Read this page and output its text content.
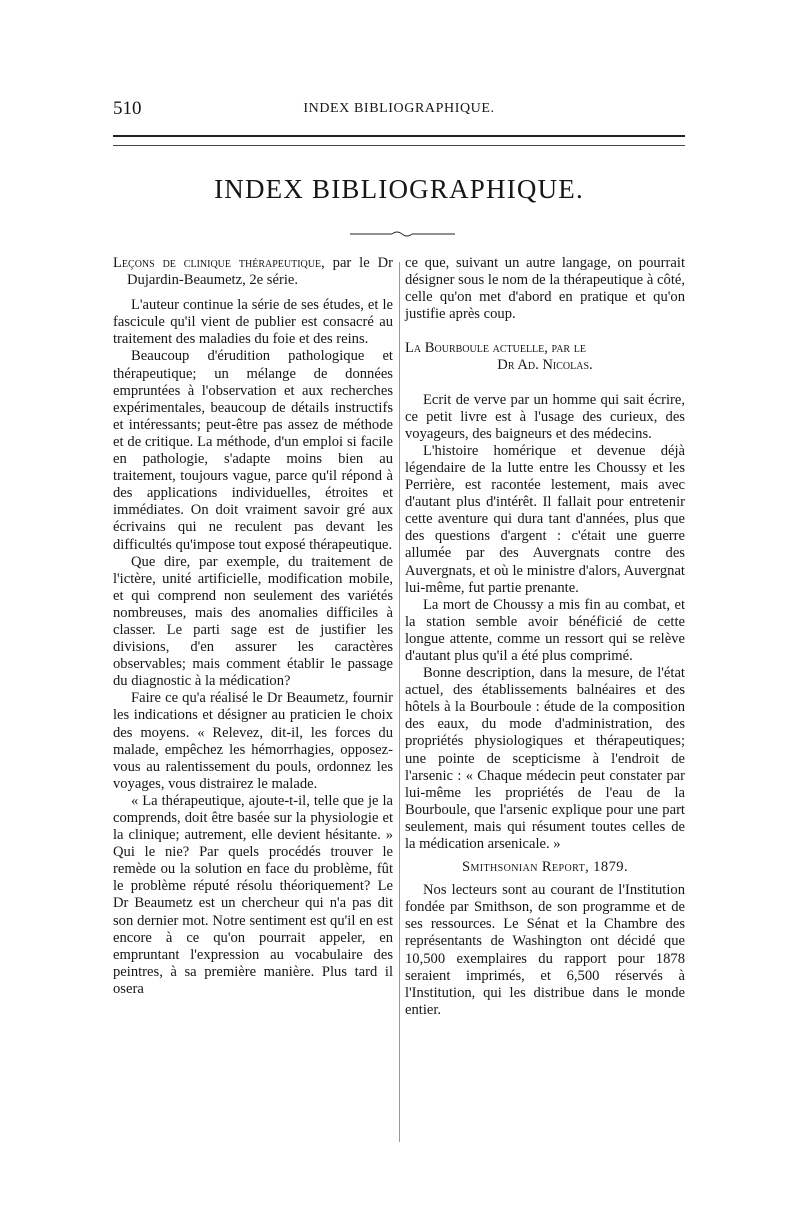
510	INDEX BIBLIOGRAPHIQUE.
INDEX BIBLIOGRAPHIQUE.

Leçons de clinique thérapeutique, par le Dr Dujardin-Beaumetz, 2e série.

L'auteur continue la série de ses études, et le fascicule qu'il vient de publier est consacré au traitement des maladies du foie et des reins.

Beaucoup d'érudition pathologique et thérapeutique; un mélange de données empruntées à l'observation et aux recherches expérimentales, beaucoup de détails instructifs et intéressants; peut-être pas assez de méthode et de critique. La méthode, d'un emploi si facile en pathologie, s'adapte moins bien au traitement, toujours vague, parce qu'il répond à des applications individuelles, étroites et immédiates. On doit vraiment savoir gré aux écrivains qui ne reculent pas devant les difficultés qu'impose tout exposé thérapeutique.

Que dire, par exemple, du traitement de l'ictère, unité artificielle, modification mobile, et qui comprend non seulement des variétés nombreuses, mais des anomalies difficiles à classer. Le parti sage est de justifier les divisions, d'en assurer les caractères observables; mais comment établir le passage du diagnostic à la médication?

Faire ce qu'a réalisé le Dr Beaumetz, fournir les indications et désigner au praticien le choix des moyens. « Relevez, dit-il, les forces du malade, empêchez les hémorrhagies, opposez-vous au ralentissement du pouls, ordonnez les voyages, vous distrairez le malade.

« La thérapeutique, ajoute-t-il, telle que je la comprends, doit être basée sur la physiologie et la clinique; autrement, elle devient hésitante. » Qui le nie? Par quels procédés trouver le remède ou la solution en face du problème, fût le problème réputé résolu théoriquement? Le Dr Beaumetz est un chercheur qui n'a pas dit son dernier mot. Notre sentiment est qu'il en est encore à ce qu'on pourrait appeler, en empruntant l'expression au vocabulaire des peintres, à sa première manière. Plus tard il osera

ce que, suivant un autre langage, on pourrait désigner sous le nom de la thérapeutique à côté, celle qu'on met d'abord en pratique et qu'on justifie après coup.

La Bourboule actuelle, par le

Dr Ad. Nicolas.

Ecrit de verve par un homme qui sait écrire, ce petit livre est à l'usage des curieux, des voyageurs, des baigneurs et des médecins.

L'histoire homérique et devenue déjà légendaire de la lutte entre les Choussy et les Perrière, est racontée lestement, mais avec d'autant plus d'intérêt. Il fallait pour entretenir cette aventure qui dura tant d'années, plus que des questions d'argent : c'était une guerre allumée par des Auvergnats contre des Auvergnats, et où le ministre d'alors, Auvergnat lui-même, fut partie prenante.

La mort de Choussy a mis fin au combat, et la station semble avoir bénéficié de cette longue attente, comme un ressort qui se relève d'autant plus qu'il a été plus comprimé.

Bonne description, dans la mesure, de l'état actuel, des établissements balnéaires et des hôtels à la Bourboule : étude de la composition des eaux, du mode d'administration, des propriétés physiologiques et thérapeutiques; une pointe de scepticisme à l'endroit de l'arsenic : « Chaque médecin peut constater par lui-même les propriétés de l'eau de la Bourboule, que l'arsenic explique pour une part seulement, mais qui résument toutes celles de la médication arsenicale. »

Smithsonian Report, 1879.

Nos lecteurs sont au courant de l'Institution fondée par Smithson, de son programme et de ses ressources. Le Sénat et la Chambre des représentants de Washington ont décidé que 10,500 exemplaires du rapport pour 1878 seraient imprimés, et 6,500 réservés à l'Institution, qui les distribue dans le monde entier.
